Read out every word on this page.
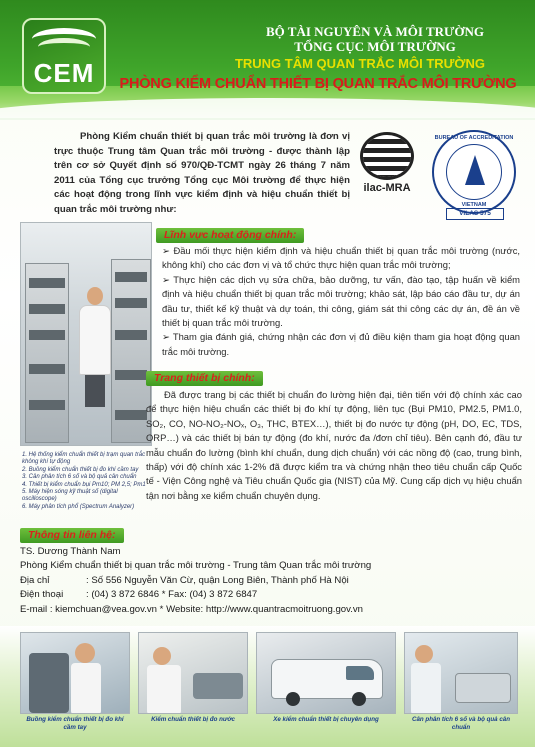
CEM
BỘ TÀI NGUYÊN VÀ MÔI TRƯỜNG
TỔNG CỤC MÔI TRƯỜNG
TRUNG TÂM QUAN TRẮC MÔI TRƯỜNG
PHÒNG KIỂM CHUẨN THIẾT BỊ QUAN TRẮC MÔI TRƯỜNG

Phòng Kiểm chuẩn thiết bị quan trắc môi trường là đơn vị trực thuộc Trung tâm Quan trắc môi trường - được thành lập trên cơ sở Quyết định số 970/QĐ-TCMT ngày 26 tháng 7 năm 2011 của Tổng cục trưởng Tổng cục Môi trường để thực hiện các hoạt động trong lĩnh vực kiểm định và hiệu chuẩn thiết bị quan trắc môi trường như:

ilac-MRA
BUREAU OF ACCREDITATION
VIETNAM
VILAS 575
1. Hệ thống kiểm chuẩn thiết bị trạm quan trắc không khí tự động
2. Buồng kiểm chuẩn thiết bị đo khí cầm tay
3. Cân phân tích 6 số và bộ quả cân chuẩn
4. Thiết bị kiểm chuẩn bụi Pm10; PM 2,5; Pm1
5. Máy hiện sóng kỹ thuật số (digital oscilloscope)
6. Máy phân tích phổ (Spectrum Analyzer)
Lĩnh vực hoạt động chính:

➢ Đầu mối thực hiện kiểm định và hiệu chuẩn thiết bị quan trắc môi trường (nước, không khí) cho các đơn vị và tổ chức thực hiện quan trắc môi trường;

➢ Thực hiện các dịch vụ sửa chữa, bảo dưỡng, tư vấn, đào tạo, tập huấn về kiểm định và hiệu chuẩn thiết bị quan trắc môi trường; khảo sát, lập báo cáo đầu tư, dự án đầu tư, thiết kế kỹ thuật và dự toán, thi công, giám sát thi công các dự án, đề án về thiết bị quan trắc môi trường.

➢ Tham gia đánh giá, chứng nhận các đơn vị đủ điều kiện tham gia hoạt động quan trắc môi trường.

Trang thiết bị chính:

Đã được trang bị các thiết bị chuẩn đo lường hiện đại, tiên tiến với độ chính xác cao để thực hiện hiệu chuẩn các thiết bị đo khí tự động, liên tục (Bụi PM10, PM2.5, PM1.0, SO₂, CO, NO-NO₂-NOₓ, O₃, THC, BTEX…), thiết bị đo nước tự động (pH, DO, EC, TDS, ORP…) và các thiết bị bán tự động (đo khí, nước đa /đơn chỉ tiêu). Bên cạnh đó, đầu tư mẫu chuẩn đo lường (bình khí chuẩn, dung dịch chuẩn) với các nồng độ (cao, trung bình, thấp) với độ chính xác 1-2% đã được kiểm tra và chứng nhận theo tiêu chuẩn cấp Quốc tế - Viện Công nghệ và Tiêu chuẩn Quốc gia (NIST) của Mỹ. Cung cấp dịch vụ hiệu chuẩn tận nơi bằng xe kiểm chuẩn chuyên dụng.

Thông tin liên hệ:
TS. Dương Thành Nam
Phòng Kiểm chuẩn thiết bị quan trắc môi trường - Trung tâm Quan trắc môi trường
Địa chỉ	: Số 556 Nguyễn Văn Cừ, quận Long Biên, Thành phố Hà Nội
Điện thoại	: (04) 3 872 6846 * Fax: (04) 3 872 6847
E-mail : kiemchuan@vea.gov.vn * Website: http://www.quantracmoitruong.gov.vn
Buồng kiểm chuẩn thiết bị đo khí cầm tay
Kiểm chuẩn thiết bị đo nước	Xe kiểm chuẩn thiết bị chuyên dụng	Cân phân tích 6 số và bộ quả cân chuẩn
